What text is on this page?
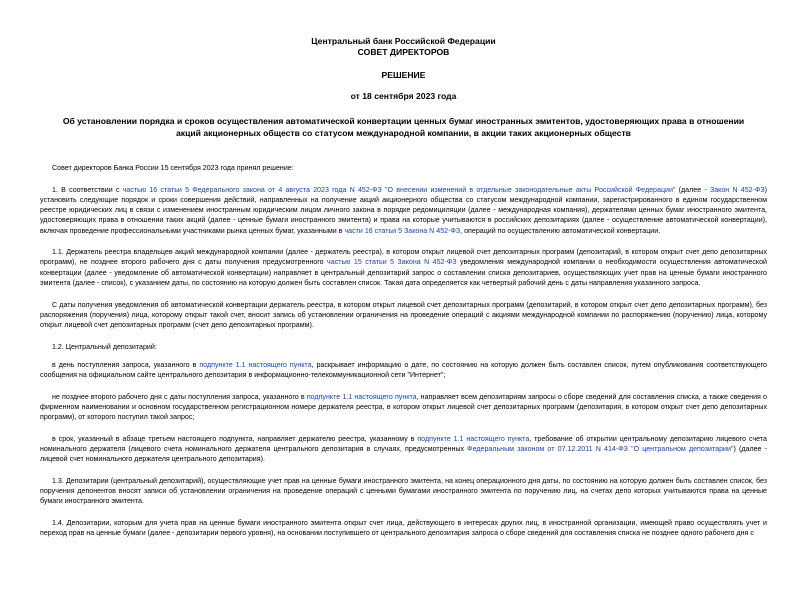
Центральный банк Российской Федерации
СОВЕТ ДИРЕКТОРОВ
РЕШЕНИЕ
от 18 сентября 2023 года
Об установлении порядка и сроков осуществления автоматической конвертации ценных бумаг иностранных эмитентов, удостоверяющих права в отношении акций акционерных обществ со статусом международной компании, в акции таких акционерных обществ
Совет директоров Банка России 15 сентября 2023 года принял решение:
1. В соответствии с частью 16 статьи 5 Федерального закона от 4 августа 2023 года N 452-ФЗ "О внесении изменений в отдельные законодательные акты Российской Федерации" (далее - Закон N 452-ФЗ) установить следующие порядок и сроки совершения действий, направленных на получение акций акционерного общества со статусом международной компании, зарегистрированного в едином государственном реестре юридических лиц в связи с изменением иностранным юридическим лицом личного закона в порядке редомициляции (далее - международная компания), держателями ценных бумаг иностранного эмитента, удостоверяющих права в отношении таких акций (далее - ценные бумаги иностранного эмитента) и права на которые учитываются в российских депозитариях (далее - осуществление автоматической конвертации), включая проведение профессиональными участниками рынка ценных бумаг, указанными в части 16 статьи 5 Закона N 452-ФЗ, операций по осуществлению автоматической конвертации.
1.1. Держатель реестра владельцев акций международной компании (далее - держатель реестра), в котором открыт лицевой счет депозитарных программ (депозитарий, в котором открыт счет депо депозитарных программ), не позднее второго рабочего дня с даты получения предусмотренного частью 15 статьи 5 Закона N 452-ФЗ уведомления международной компании о необходимости осуществления автоматической конвертации (далее - уведомление об автоматической конвертации) направляет в центральный депозитарий запрос о составлении списка депозитариев, осуществляющих учет прав на ценные бумаги иностранного эмитента (далее - список), с указанием даты, по состоянию на которую должен быть составлен список. Такая дата определяется как четвертый рабочий день с даты направления указанного запроса.
С даты получения уведомления об автоматической конвертации держатель реестра, в котором открыт лицевой счет депозитарных программ (депозитарий, в котором открыт счет депо депозитарных программ), без распоряжения (поручения) лица, которому открыт такой счет, вносит запись об установлении ограничения на проведение операций с акциями международной компании по распоряжению (поручению) лица, которому открыт лицевой счет депозитарных программ (счет депо депозитарных программ).
1.2. Центральный депозитарий:
в день поступления запроса, указанного в подпункте 1.1 настоящего пункта, раскрывает информацию о дате, по состоянию на которую должен быть составлен список, путем опубликования соответствующего сообщения на официальном сайте центрального депозитария в информационно-телекоммуникационной сети "Интернет";
не позднее второго рабочего дня с даты поступления запроса, указанного в подпункте 1.1 настоящего пункта, направляет всем депозитариям запросы о сборе сведений для составления списка, а также сведения о фирменном наименовании и основном государственном регистрационном номере держателя реестра, в котором открыт лицевой счет депозитарных программ (депозитария, в котором открыт счет депо депозитарных программ), от которого поступил такой запрос;
в срок, указанный в абзаце третьем настоящего подпункта, направляет держателю реестра, указанному в подпункте 1.1 настоящего пункта, требование об открытии центральному депозитарию лицевого счета номинального держателя (лицевого счета номинального держателя центрального депозитария в случаях, предусмотренных Федеральным законом от 07.12.2011 N 414-ФЗ "О центральном депозитарии") (далее - лицевой счет номинального держателя центрального депозитария).
1.3. Депозитарии (центральный депозитарий), осуществляющие учет прав на ценные бумаги иностранного эмитента, на конец операционного дня даты, по состоянию на которую должен быть составлен список, без поручения депонентов вносят записи об установлении ограничения на проведение операций с ценными бумагами иностранного эмитента по поручению лиц, на счетах депо которых учитываются права на ценные бумаги иностранного эмитента.
1.4. Депозитарии, которым для учета прав на ценные бумаги иностранного эмитента открыт счет лица, действующего в интересах других лиц, в иностранной организации, имеющей право осуществлять учет и переход прав на ценные бумаги (далее - депозитарии первого уровня), на основании поступившего от центрального депозитария запроса о сборе сведений для составления списка не позднее одного рабочего дня с
